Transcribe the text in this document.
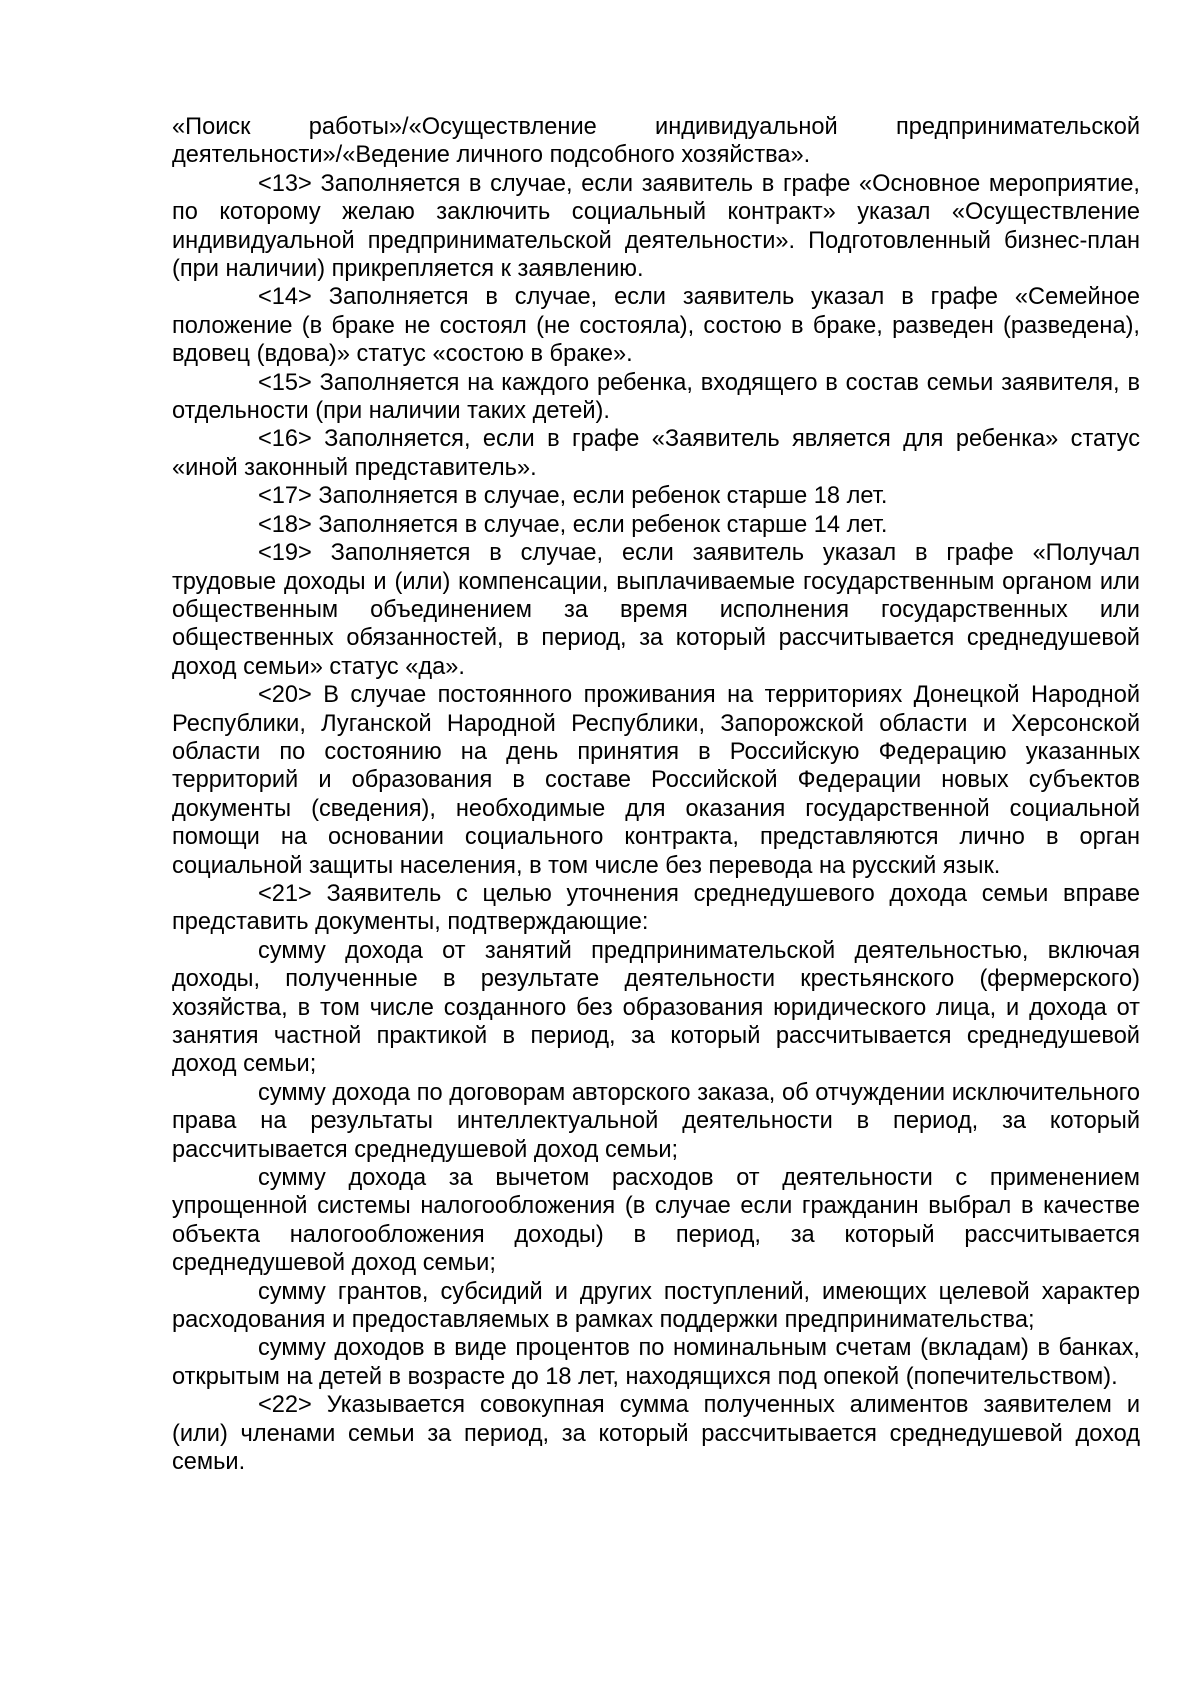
«Поиск работы»/«Осуществление индивидуальной предпринимательской деятельности»/«Ведение личного подсобного хозяйства».

<13> Заполняется в случае, если заявитель в графе «Основное мероприятие, по которому желаю заключить социальный контракт» указал «Осуществление индивидуальной предпринимательской деятельности». Подготовленный бизнес-план (при наличии) прикрепляется к заявлению.

<14> Заполняется в случае, если заявитель указал в графе «Семейное положение (в браке не состоял (не состояла), состою в браке, разведен (разведена), вдовец (вдова)» статус «состою в браке».

<15> Заполняется на каждого ребенка, входящего в состав семьи заявителя, в отдельности (при наличии таких детей).

<16> Заполняется, если в графе «Заявитель является для ребенка» статус «иной законный представитель».

<17> Заполняется в случае, если ребенок старше 18 лет.

<18> Заполняется в случае, если ребенок старше 14 лет.

<19> Заполняется в случае, если заявитель указал в графе «Получал трудовые доходы и (или) компенсации, выплачиваемые государственным органом или общественным объединением за время исполнения государственных или общественных обязанностей, в период, за который рассчитывается среднедушевой доход семьи» статус «да».

<20> В случае постоянного проживания на территориях Донецкой Народной Республики, Луганской Народной Республики, Запорожской области и Херсонской области по состоянию на день принятия в Российскую Федерацию указанных территорий и образования в составе Российской Федерации новых субъектов документы (сведения), необходимые для оказания государственной социальной помощи на основании социального контракта, представляются лично в орган социальной защиты населения, в том числе без перевода на русский язык.

<21> Заявитель с целью уточнения среднедушевого дохода семьи вправе представить документы, подтверждающие:

сумму дохода от занятий предпринимательской деятельностью, включая доходы, полученные в результате деятельности крестьянского (фермерского) хозяйства, в том числе созданного без образования юридического лица, и дохода от занятия частной практикой в период, за который рассчитывается среднедушевой доход семьи;

сумму дохода по договорам авторского заказа, об отчуждении исключительного права на результаты интеллектуальной деятельности в период, за который рассчитывается среднедушевой доход семьи;

сумму дохода за вычетом расходов от деятельности с применением упрощенной системы налогообложения (в случае если гражданин выбрал в качестве объекта налогообложения доходы) в период, за который рассчитывается среднедушевой доход семьи;

сумму грантов, субсидий и других поступлений, имеющих целевой характер расходования и предоставляемых в рамках поддержки предпринимательства;

сумму доходов в виде процентов по номинальным счетам (вкладам) в банках, открытым на детей в возрасте до 18 лет, находящихся под опекой (попечительством).

<22> Указывается совокупная сумма полученных алиментов заявителем и (или) членами семьи за период, за который рассчитывается среднедушевой доход семьи.
